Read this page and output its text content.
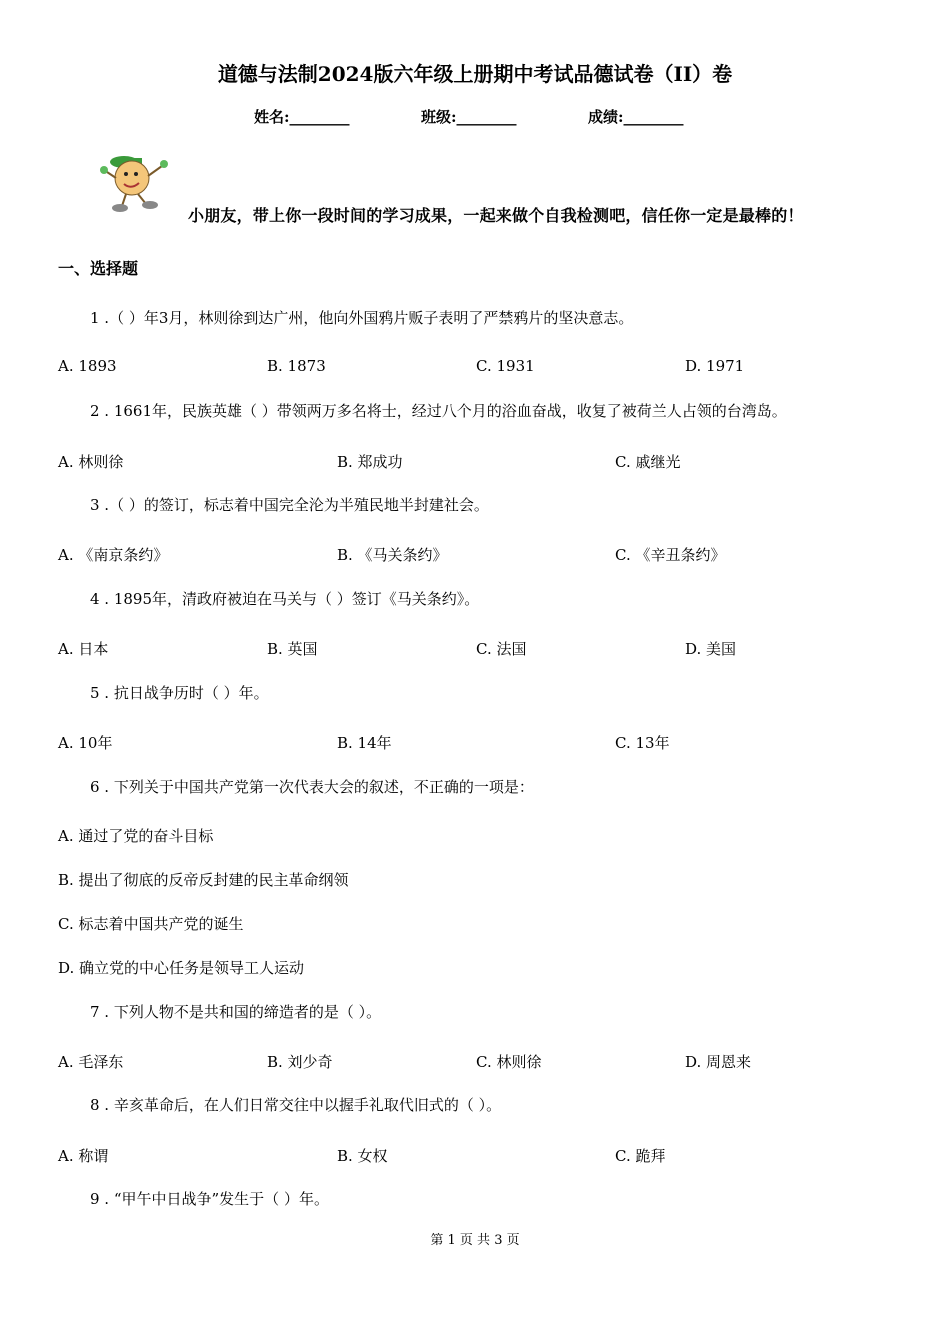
道德与法制2024版六年级上册期中考试品德试卷（II）卷
姓名:________	班级:________	成绩:________
小朋友，带上你一段时间的学习成果，一起来做个自我检测吧，信任你一定是最棒的！
一、选择题
1 .（ ）年3月，林则徐到达广州，他向外国鸦片贩子表明了严禁鸦片的坚决意志。
A. 1893	B. 1873	C. 1931	D. 1971
2 . 1661年，民族英雄（ ）带领两万多名将士，经过八个月的浴血奋战，收复了被荷兰人占领的台湾岛。
A. 林则徐	B. 郑成功	C. 戚继光
3 .（ ）的签订，标志着中国完全沦为半殖民地半封建社会。
A. 《南京条约》	B. 《马关条约》	C. 《辛丑条约》
4 . 1895年，清政府被迫在马关与（ ）签订《马关条约》。
A. 日本	B. 英国	C. 法国	D. 美国
5 . 抗日战争历时（ ）年。
A. 10年	B. 14年	C. 13年
6 . 下列关于中国共产党第一次代表大会的叙述，不正确的一项是：
A. 通过了党的奋斗目标
B. 提出了彻底的反帝反封建的民主革命纲领
C. 标志着中国共产党的诞生
D. 确立党的中心任务是领导工人运动
7 . 下列人物不是共和国的缔造者的是（ ）。
A. 毛泽东	B. 刘少奇	C. 林则徐	D. 周恩来
8 . 辛亥革命后，在人们日常交往中以握手礼取代旧式的（ ）。
A. 称谓	B. 女权	C. 跪拜
9 . “甲午中日战争”发生于（ ）年。
第 1 页 共 3 页
